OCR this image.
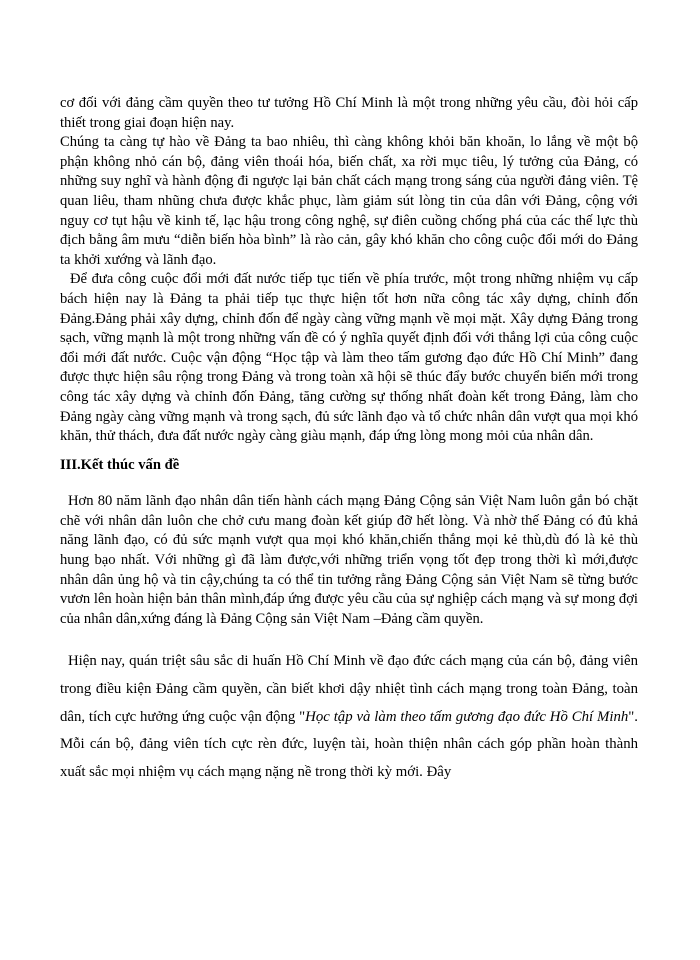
cơ đối với đảng cầm quyền theo tư tưởng Hồ Chí Minh là một trong những yêu cầu, đòi hỏi cấp thiết trong giai đoạn hiện nay.

Chúng ta càng tự hào về Đảng ta bao nhiêu, thì càng không khỏi băn khoăn, lo lắng về một bộ phận không nhỏ cán bộ, đảng viên thoái hóa, biến chất, xa rời mục tiêu, lý tưởng của Đảng, có những suy nghĩ và hành động đi ngược lại bản chất cách mạng trong sáng của người đảng viên. Tệ quan liêu, tham nhũng chưa được khắc phục, làm giảm sút lòng tin của dân với Đảng, cộng với nguy cơ tụt hậu về kinh tế, lạc hậu trong công nghệ, sự điên cuồng chống phá của các thế lực thù địch bằng âm mưu “diễn biến hòa bình” là rào cản, gây khó khăn cho công cuộc đổi mới do Đảng ta khởi xướng và lãnh đạo.

Để đưa công cuộc đổi mới đất nước tiếp tục tiến về phía trước, một trong những nhiệm vụ cấp bách hiện nay là Đảng ta phải tiếp tục thực hiện tốt hơn nữa công tác xây dựng, chỉnh đốn Đảng.Đảng phải xây dựng, chỉnh đốn để ngày càng vững mạnh về mọi mặt. Xây dựng Đảng trong sạch, vững mạnh là một trong những vấn đề có ý nghĩa quyết định đối với thắng lợi của công cuộc đổi mới đất nước. Cuộc vận động “Học tập và làm theo tấm gương đạo đức Hồ Chí Minh” đang được thực hiện sâu rộng trong Đảng và trong toàn xã hội sẽ thúc đẩy bước chuyển biến mới trong công tác xây dựng và chỉnh đốn Đảng, tăng cường sự thống nhất đoàn kết trong Đảng, làm cho Đảng ngày càng vững mạnh và trong sạch, đủ sức lãnh đạo và tổ chức nhân dân vượt qua mọi khó khăn, thử thách, đưa đất nước ngày càng giàu mạnh, đáp ứng lòng mong mỏi của nhân dân.

III.Kết thúc vấn đề

Hơn 80 năm lãnh đạo nhân dân tiến hành cách mạng Đảng Cộng sản Việt Nam luôn gắn bó chặt chẽ với nhân dân luôn che chở cưu mang đoàn kết giúp đỡ hết lòng. Và nhờ thế Đảng có đủ khả năng lãnh đạo, có đủ sức mạnh vượt qua mọi khó khăn,chiến thắng mọi kẻ thù,dù đó là kẻ thù hung bạo nhất. Với những gì đã làm được,với những triển vọng tốt đẹp trong thời kì mới,được nhân dân ủng hộ và tin cậy,chúng ta có thể tin tưởng rằng Đảng Cộng sản Việt Nam sẽ từng bước vươn lên hoàn hiện bản thân mình,đáp ứng được yêu cầu của sự nghiệp cách mạng và sự mong đợi của nhân dân,xứng đáng là Đảng Cộng sản Việt Nam –Đảng cầm quyền.

Hiện nay, quán triệt sâu sắc di huấn Hồ Chí Minh về đạo đức cách mạng của cán bộ, đảng viên trong điều kiện Đảng cầm quyền, cần biết khơi dậy nhiệt tình cách mạng trong toàn Đảng, toàn dân, tích cực hưởng ứng cuộc vận động "Học tập và làm theo tấm gương đạo đức Hồ Chí Minh". Mỗi cán bộ, đảng viên tích cực rèn đức, luyện tài, hoàn thiện nhân cách góp phần hoàn thành xuất sắc mọi nhiệm vụ cách mạng nặng nề trong thời kỳ mới. Đây
